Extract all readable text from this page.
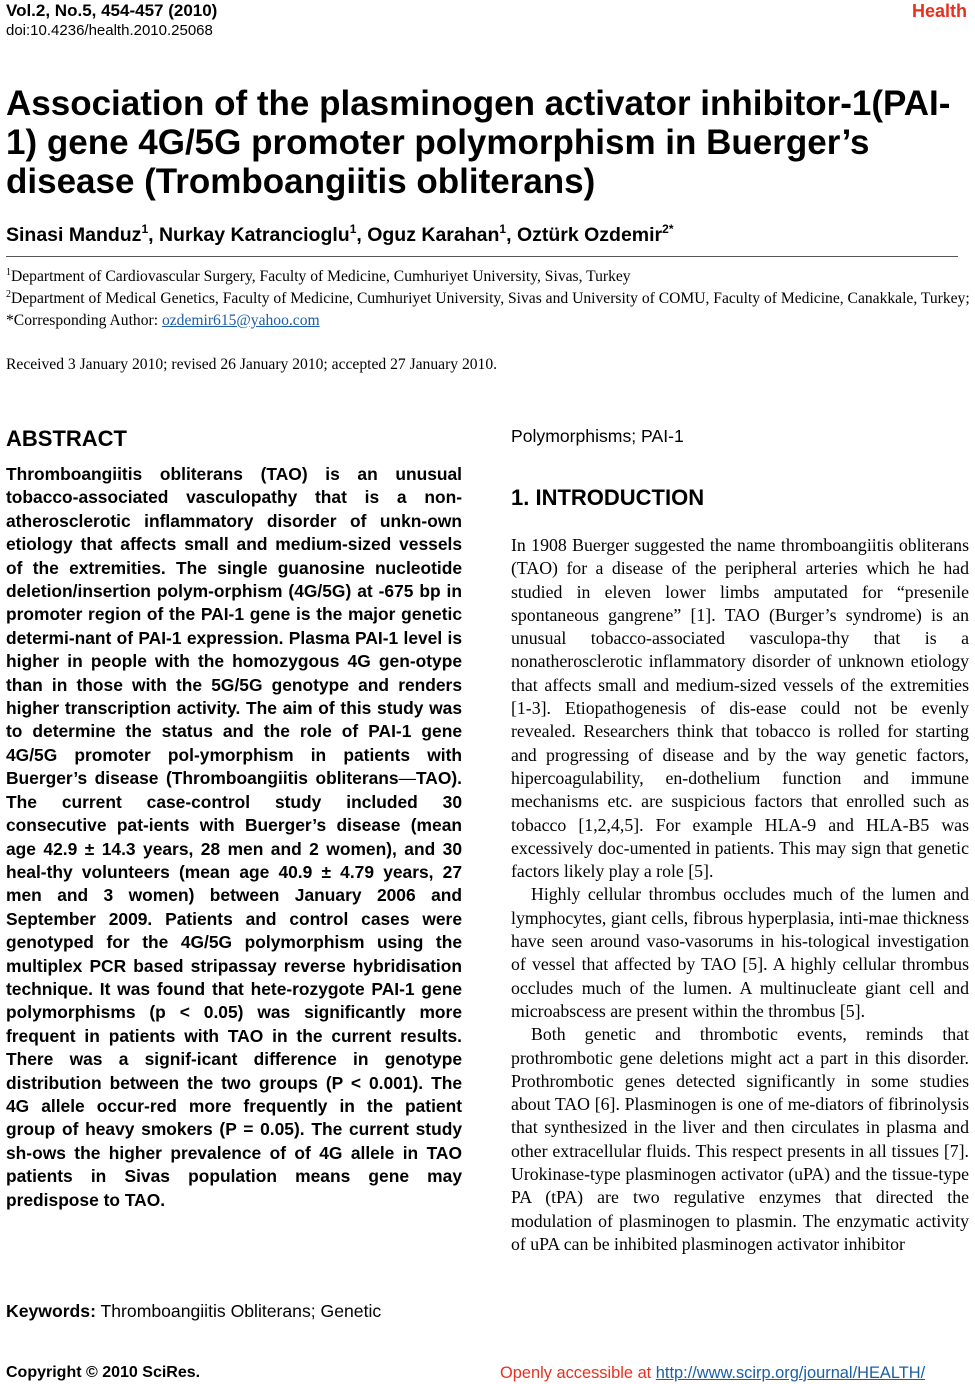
Vol.2, No.5, 454-457 (2010)
doi:10.4236/health.2010.25068
Health
Association of the plasminogen activator inhibitor-1(PAI-1) gene 4G/5G promoter polymorphism in Buerger’s disease (Tromboangiitis obliterans)
Sinasi Manduz$^1$, Nurkay Katrancioglu$^1$, Oguz Karahan$^1$, Oztürk Ozdemir$^{2*}$
$^1$Department of Cardiovascular Surgery, Faculty of Medicine, Cumhuriyet University, Sivas, Turkey
$^2$Department of Medical Genetics, Faculty of Medicine, Cumhuriyet University, Sivas and University of COMU, Faculty of Medicine, Canakkale, Turkey; *Corresponding Author: ozdemir615@yahoo.com
Received 3 January 2010; revised 26 January 2010; accepted 27 January 2010.
ABSTRACT
Thromboangiitis obliterans (TAO) is an unusual tobacco-associated vasculopathy that is a non-atherosclerotic inflammatory disorder of unkn-own etiology that affects small and medium-sized vessels of the extremities. The single guanosine nucleotide deletion/insertion polym-orphism (4G/5G) at -675 bp in promoter region of the PAI-1 gene is the major genetic determi-nant of PAI-1 expression. Plasma PAI-1 level is higher in people with the homozygous 4G gen-otype than in those with the 5G/5G genotype and renders higher transcription activity. The aim of this study was to determine the status and the role of PAI-1 gene 4G/5G promoter pol-ymorphism in patients with Buerger’s disease (Thromboangiitis obliterans—TAO). The current case-control study included 30 consecutive pat-ients with Buerger’s disease (mean age 42.9 ± 14.3 years, 28 men and 2 women), and 30 heal-thy volunteers (mean age 40.9 ± 4.79 years, 27 men and 3 women) between January 2006 and September 2009. Patients and control cases were genotyped for the 4G/5G polymorphism using the multiplex PCR based stripassay reverse hybridisation technique. It was found that hete-rozygote PAI-1 gene polymorphisms (p < 0.05) was significantly more frequent in patients with TAO in the current results. There was a signif-icant difference in genotype distribution between the two groups (P < 0.001). The 4G allele occur-red more frequently in the patient group of heavy smokers (P = 0.05). The current study sh-ows the higher prevalence of of 4G allele in TAO patients in Sivas population means gene may predispose to TAO.
Keywords: Thromboangiitis Obliterans; Genetic
Polymorphisms; PAI-1
1. INTRODUCTION

In 1908 Buerger suggested the name thromboangiitis obliterans (TAO) for a disease of the peripheral arteries which he had studied in eleven lower limbs amputated for “presenile spontaneous gangrene” [1]. TAO (Burger’s syndrome) is an unusual tobacco-associated vasculopa-thy that is a nonatherosclerotic inflammatory disorder of unknown etiology that affects small and medium-sized vessels of the extremities [1-3]. Etiopathogenesis of dis-ease could not be evenly revealed. Researchers think that tobacco is rolled for starting and progressing of disease and by the way genetic factors, hipercoagulability, en-dothelium function and immune mechanisms etc. are suspicious factors that enrolled such as tobacco [1,2,4,5]. For example HLA-9 and HLA-B5 was excessively doc-umented in patients. This may sign that genetic factors likely play a role [5].

Highly cellular thrombus occludes much of the lumen and lymphocytes, giant cells, fibrous hyperplasia, inti-mae thickness have seen around vaso-vasorums in his-tological investigation of vessel that affected by TAO [5]. A highly cellular thrombus occludes much of the lumen. A multinucleate giant cell and microabscess are present within the thrombus [5].

Both genetic and thrombotic events, reminds that prothrombotic gene deletions might act a part in this disorder. Prothrombotic genes detected significantly in some studies about TAO [6]. Plasminogen is one of me-diators of fibrinolysis that synthesized in the liver and then circulates in plasma and other extracellular fluids. This respect presents in all tissues [7]. Urokinase-type plasminogen activator (uPA) and the tissue-type PA (tPA) are two regulative enzymes that directed the modulation of plasminogen to plasmin. The enzymatic activity of uPA can be inhibited plasminogen activator inhibitor

Copyright © 2010 SciRes.	Openly accessible at http://www.scirp.org/journal/HEALTH/
